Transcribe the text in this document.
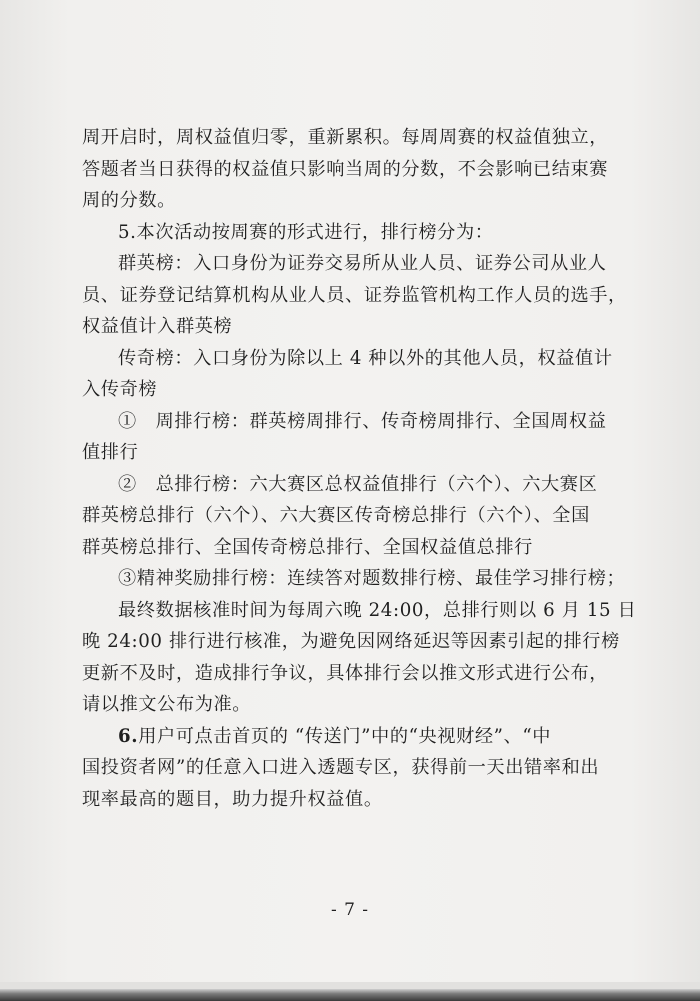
周开启时，周权益值归零，重新累积。每周周赛的权益值独立，
答题者当日获得的权益值只影响当周的分数，不会影响已结束赛
周的分数。
5.本次活动按周赛的形式进行，排行榜分为：
群英榜：入口身份为证券交易所从业人员、证券公司从业人
员、证券登记结算机构从业人员、证券监管机构工作人员的选手，
权益值计入群英榜
传奇榜：入口身份为除以上 4 种以外的其他人员，权益值计
入传奇榜
①　周排行榜：群英榜周排行、传奇榜周排行、全国周权益
值排行
②　总排行榜：六大赛区总权益值排行（六个）、六大赛区
群英榜总排行（六个）、六大赛区传奇榜总排行（六个）、全国
群英榜总排行、全国传奇榜总排行、全国权益值总排行
③精神奖励排行榜：连续答对题数排行榜、最佳学习排行榜；
最终数据核准时间为每周六晚 24:00，总排行则以 6 月 15 日
晚 24:00 排行进行核准，为避免因网络延迟等因素引起的排行榜
更新不及时，造成排行争议，具体排行会以推文形式进行公布，
请以推文公布为准。
6.用户可点击首页的 “传送门”中的“央视财经”、“中
国投资者网”的任意入口进入透题专区，获得前一天出错率和出
现率最高的题目，助力提升权益值。
- 7 -
